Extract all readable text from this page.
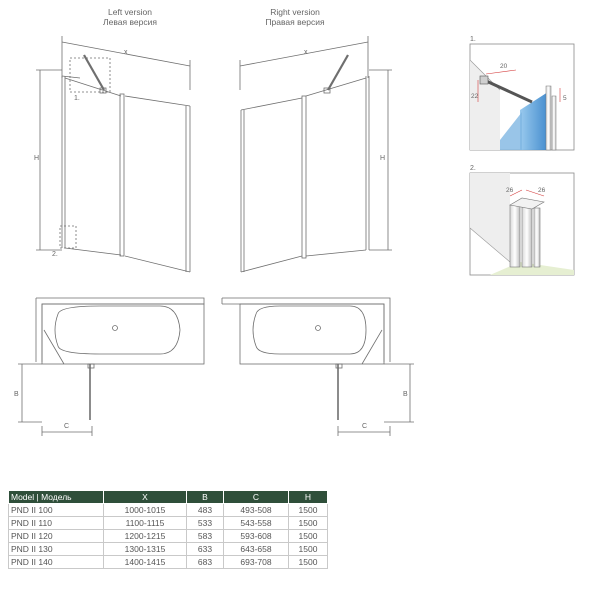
Left version
Левая версия
Right version
Правая версия
x
H
1.
2.
x
H
1.
20
22	5
2.
26	26
B
C
B
C
Model | Модель	X	B	C	H
PND II 100	1000-1015	483	493-508	1500
PND II 110	1100-1115	533	543-558	1500
PND II 120	1200-1215	583	593-608	1500
PND II 130	1300-1315	633	643-658	1500
PND II 140	1400-1415	683	693-708	1500
